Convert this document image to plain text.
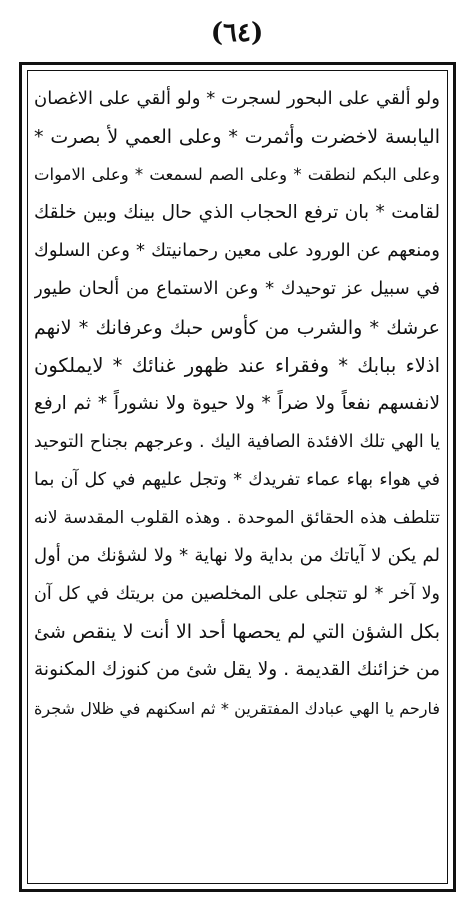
(٦٤)
ولو ألقي على البحور لسجرت * ولو ألقي على الاغصان
اليابسة لاخضرت وأثمرت * وعلى العمي لأ بصرت *
وعلى البكم لنطقت * وعلى الصم لسمعت * وعلى الاموات
لقامت * بان ترفع الحجاب الذي حال بينك وبين خلقك
ومنعهم عن الورود على معين رحمانيتك * وعن السلوك
في سبيل عز توحيدك * وعن الاستماع من ألحان طيور
عرشك * والشرب من كأوس حبك وعرفانك * لانهم
اذلاء ببابك * وفقراء عند ظهور غنائك * لايملكون
لانفسهم نفعاً ولا ضراً * ولا حيوة ولا نشوراً * ثم ارفع
يا الهي تلك الافئدة الصافية اليك . وعرجهم بجناح التوحيد
في هواء بهاء عماء تفريدك * وتجل عليهم في كل آن بما
تتلطف هذه الحقائق الموحدة . وهذه القلوب المقدسة لانه
لم يكن لا آياتك من بداية ولا نهاية * ولا لشؤنك من أول
ولا آخر * لو تتجلى على المخلصين من بريتك في كل آن
بكل الشؤن التي لم يحصها أحد الا أنت لا ينقص شئ
من خزائنك القديمة . ولا يقل شئ من كنوزك المكنونة
فارحم يا الهي عبادك المفتقرين * ثم اسكنهم في ظلال شجرة
